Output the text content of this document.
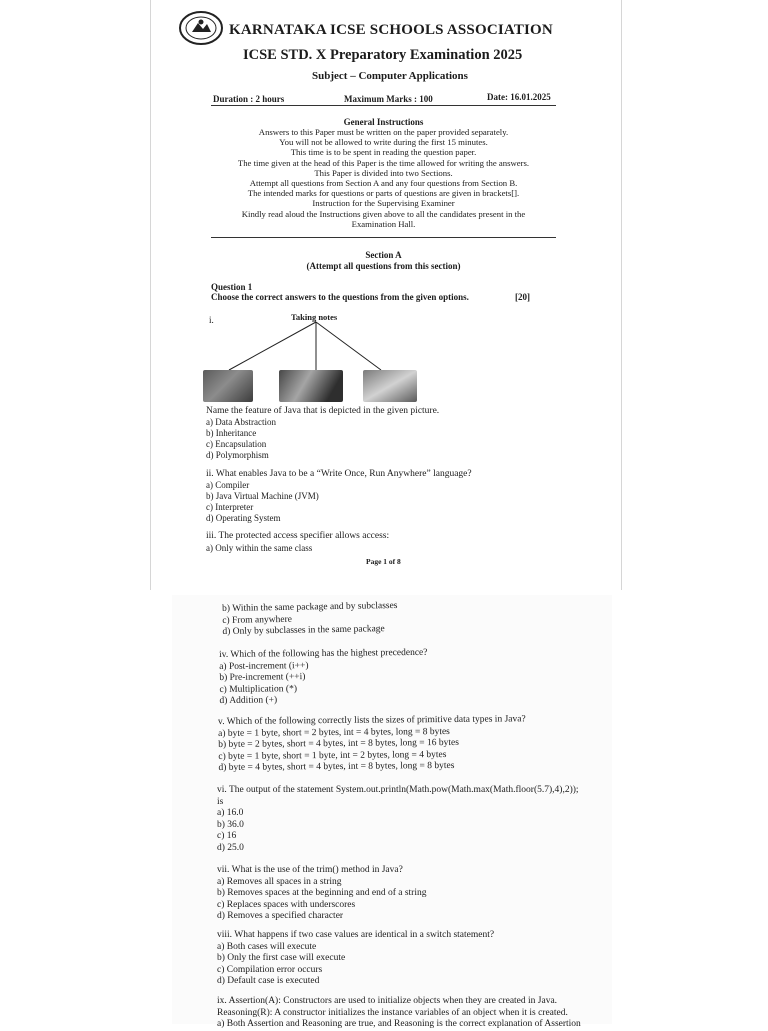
KARNATAKA ICSE SCHOOLS ASSOCIATION
ICSE STD. X Preparatory Examination 2025
Subject – Computer Applications
Duration : 2 hours	Maximum Marks : 100	Date: 16.01.2025
General Instructions
Answers to this Paper must be written on the paper provided separately.
You will not be allowed to write during the first 15 minutes.
This time is to be spent in reading the question paper.
The time given at the head of this Paper is the time allowed for writing the answers.
This Paper is divided into two Sections.
Attempt all questions from Section A and any four questions from Section B.
The intended marks for questions or parts of questions are given in brackets[].
Instruction for the Supervising Examiner
Kindly read aloud the Instructions given above to all the candidates present in the
Examination Hall.
Section A
(Attempt all questions from this section)
Question 1
Choose the correct answers to the questions from the given options.	[20]
i.	Taking notes
Name the feature of Java that is depicted in the given picture.
a) Data Abstraction
b) Inheritance
c) Encapsulation
d) Polymorphism
ii. What enables Java to be a “Write Once, Run Anywhere” language?
a) Compiler
b) Java Virtual Machine (JVM)
c) Interpreter
d) Operating System
iii. The protected access specifier allows access:
a) Only within the same class
Page 1 of 8
b) Within the same package and by subclasses
c) From anywhere
d) Only by subclasses in the same package
iv. Which of the following has the highest precedence?
a) Post-increment (i++)
b) Pre-increment (++i)
c) Multiplication (*)
d) Addition (+)
v. Which of the following correctly lists the sizes of primitive data types in Java?
a) byte = 1 byte, short = 2 bytes, int = 4 bytes, long = 8 bytes
b) byte = 2 bytes, short = 4 bytes, int = 8 bytes, long = 16 bytes
c) byte = 1 byte, short = 1 byte, int = 2 bytes, long = 4 bytes
d) byte = 4 bytes, short = 4 bytes, int = 8 bytes, long = 8 bytes
vi. The output of the statement System.out.println(Math.pow(Math.max(Math.floor(5.7),4),2));
is
a) 16.0
b) 36.0
c) 16
d) 25.0
vii. What is the use of the trim() method in Java?
a) Removes all spaces in a string
b) Removes spaces at the beginning and end of a string
c) Replaces spaces with underscores
d) Removes a specified character
viii. What happens if two case values are identical in a switch statement?
a) Both cases will execute
b) Only the first case will execute
c) Compilation error occurs
d) Default case is executed
ix. Assertion(A): Constructors are used to initialize objects when they are created in Java.
Reasoning(R): A constructor initializes the instance variables of an object when it is created.
a) Both Assertion and Reasoning are true, and Reasoning is the correct explanation of Assertion
